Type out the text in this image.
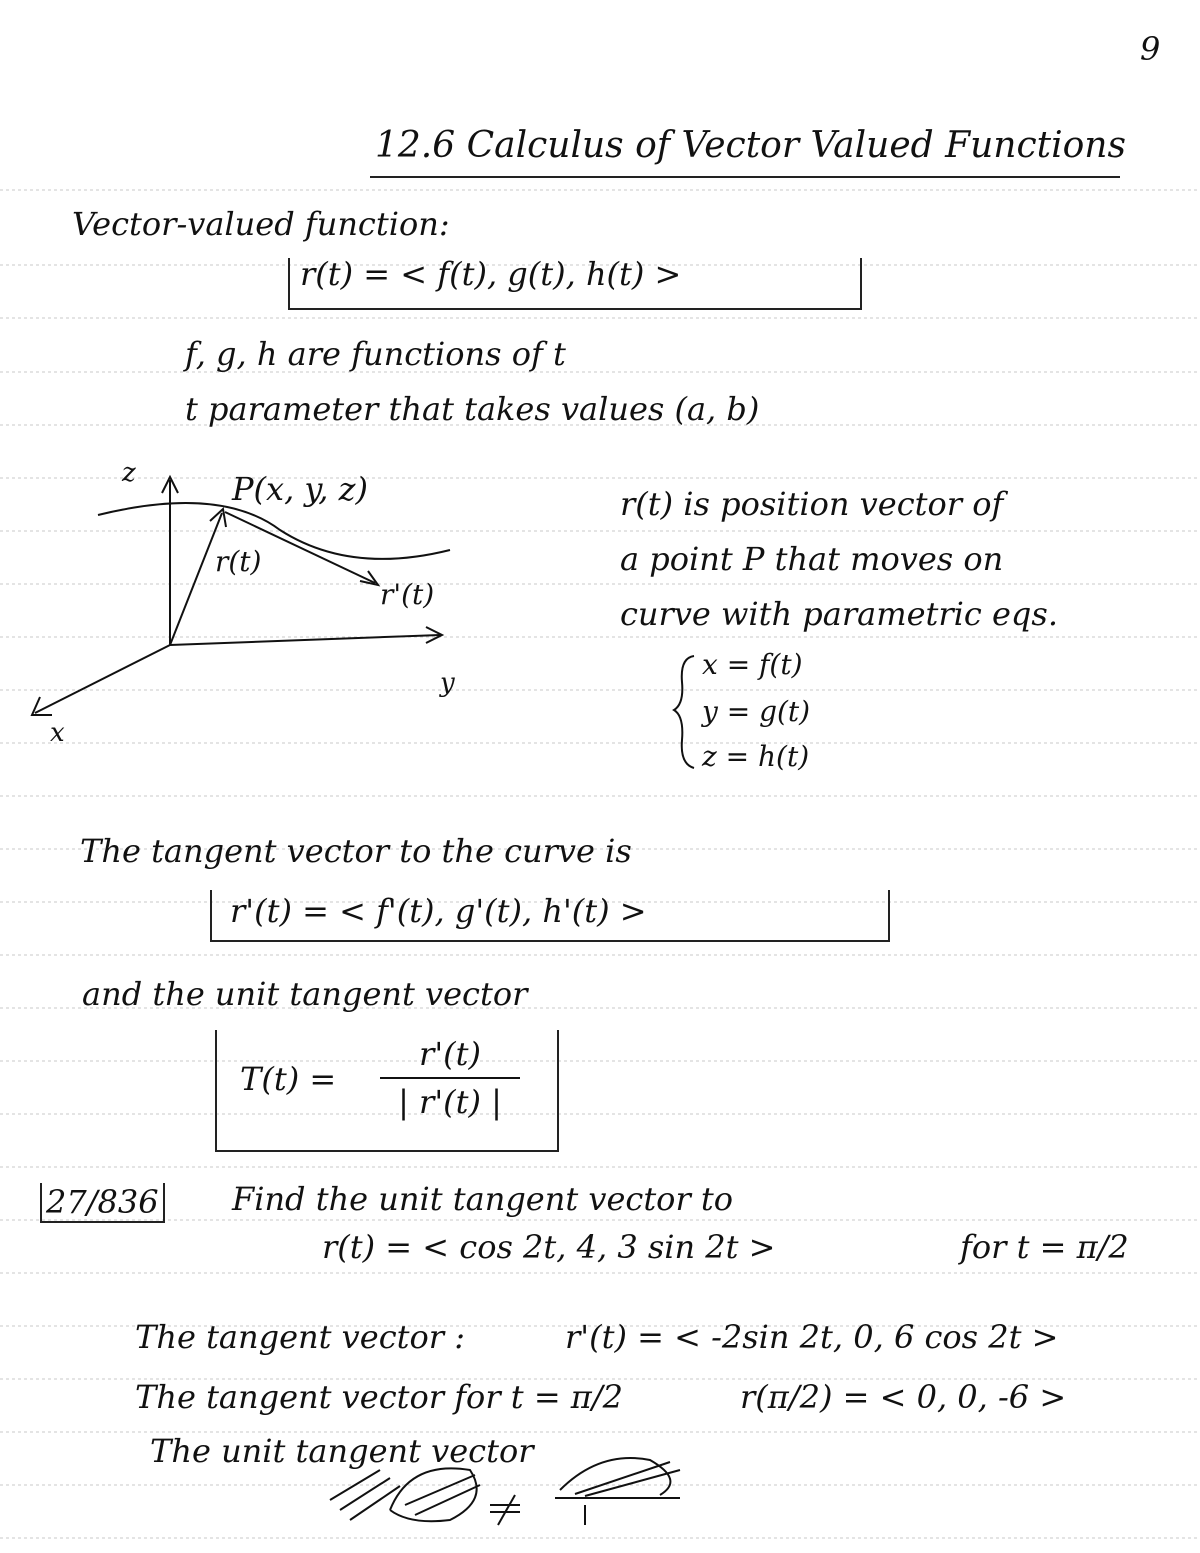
9
12.6 Calculus of Vector Valued Functions
Vector-valued function:
r(t) = < f(t), g(t), h(t) >
f, g, h are functions of t
t parameter that takes values (a, b)
z
y
x
P(x, y, z)
r(t)
r'(t)
r(t) is position vector of
a point P that moves on
curve with parametric eqs.
x = f(t)
y = g(t)
z = h(t)
The tangent vector to the curve is
r'(t) = < f'(t), g'(t), h'(t) >
and the unit tangent vector
T(t) =
r'(t)
| r'(t) |
27/836 Find the unit tangent vector to
r(t) = < cos 2t, 4, 3 sin 2t >	for t = π/2
The tangent vector :	r'(t) = < -2sin 2t, 0, 6 cos 2t >
The tangent vector for t = π/2	r(π/2) = < 0, 0, -6 >
The unit tangent vector
